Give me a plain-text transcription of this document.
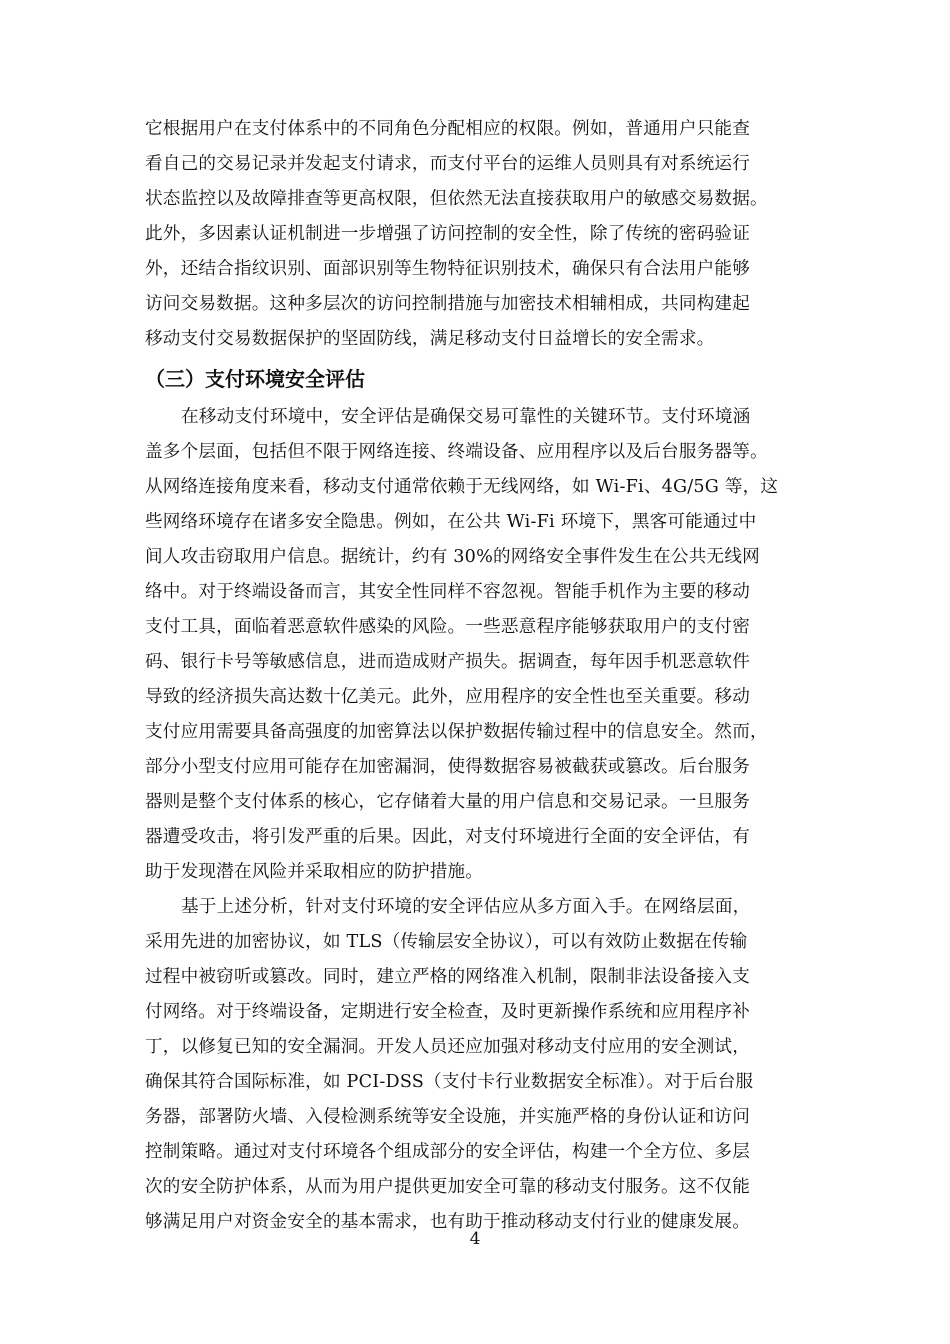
它根据用户在支付体系中的不同角色分配相应的权限。例如，普通用户只能查
看自己的交易记录并发起支付请求，而支付平台的运维人员则具有对系统运行
状态监控以及故障排查等更高权限，但依然无法直接获取用户的敏感交易数据。
此外，多因素认证机制进一步增强了访问控制的安全性，除了传统的密码验证
外，还结合指纹识别、面部识别等生物特征识别技术，确保只有合法用户能够
访问交易数据。这种多层次的访问控制措施与加密技术相辅相成，共同构建起
移动支付交易数据保护的坚固防线，满足移动支付日益增长的安全需求。
（三）支付环境安全评估
在移动支付环境中，安全评估是确保交易可靠性的关键环节。支付环境涵
盖多个层面，包括但不限于网络连接、终端设备、应用程序以及后台服务器等。
从网络连接角度来看，移动支付通常依赖于无线网络，如 Wi-Fi、4G/5G 等，这
些网络环境存在诸多安全隐患。例如，在公共 Wi-Fi 环境下，黑客可能通过中
间人攻击窃取用户信息。据统计，约有 30%的网络安全事件发生在公共无线网
络中。对于终端设备而言，其安全性同样不容忽视。智能手机作为主要的移动
支付工具，面临着恶意软件感染的风险。一些恶意程序能够获取用户的支付密
码、银行卡号等敏感信息，进而造成财产损失。据调查，每年因手机恶意软件
导致的经济损失高达数十亿美元。此外，应用程序的安全性也至关重要。移动
支付应用需要具备高强度的加密算法以保护数据传输过程中的信息安全。然而，
部分小型支付应用可能存在加密漏洞，使得数据容易被截获或篡改。后台服务
器则是整个支付体系的核心，它存储着大量的用户信息和交易记录。一旦服务
器遭受攻击，将引发严重的后果。因此，对支付环境进行全面的安全评估，有
助于发现潜在风险并采取相应的防护措施。
基于上述分析，针对支付环境的安全评估应从多方面入手。在网络层面，
采用先进的加密协议，如 TLS（传输层安全协议），可以有效防止数据在传输
过程中被窃听或篡改。同时，建立严格的网络准入机制，限制非法设备接入支
付网络。对于终端设备，定期进行安全检查，及时更新操作系统和应用程序补
丁，以修复已知的安全漏洞。开发人员还应加强对移动支付应用的安全测试，
确保其符合国际标准，如 PCI-DSS（支付卡行业数据安全标准）。对于后台服
务器，部署防火墙、入侵检测系统等安全设施，并实施严格的身份认证和访问
控制策略。通过对支付环境各个组成部分的安全评估，构建一个全方位、多层
次的安全防护体系，从而为用户提供更加安全可靠的移动支付服务。这不仅能
够满足用户对资金安全的基本需求，也有助于推动移动支付行业的健康发展。
4
